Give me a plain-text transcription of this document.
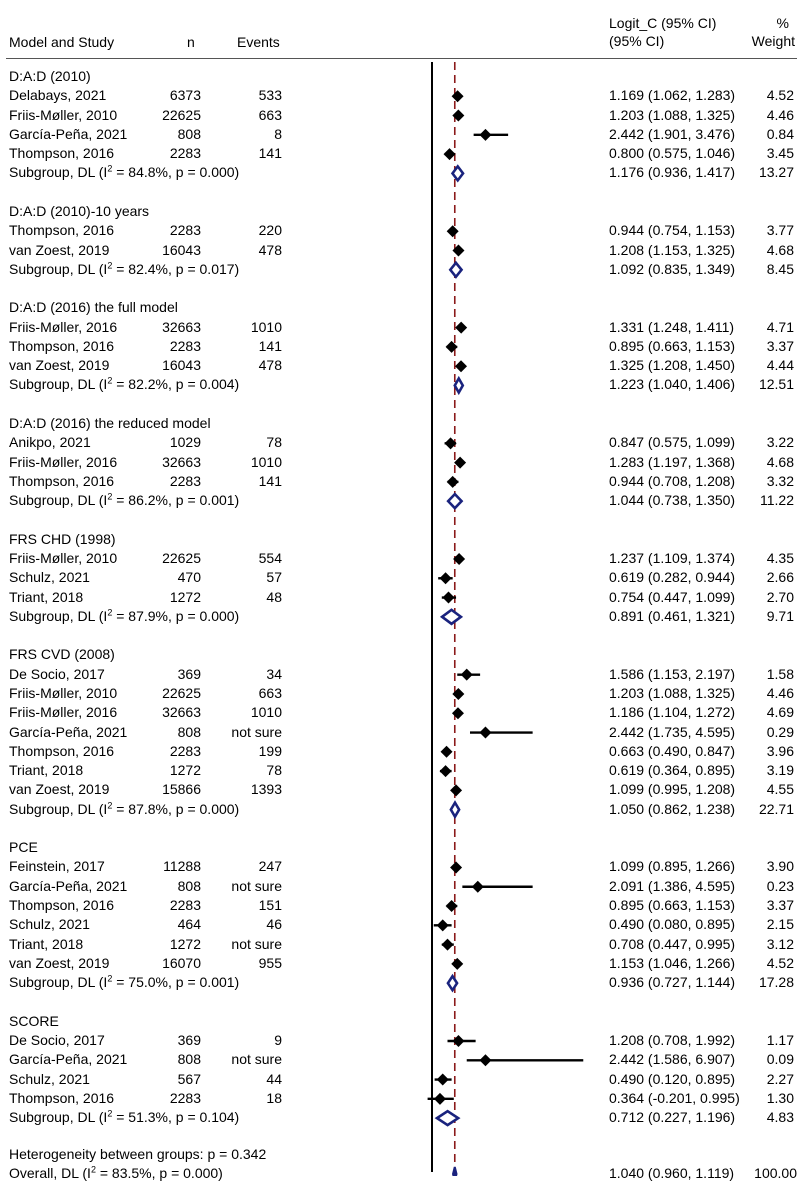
Model and Study	n	Events
Logit_C (95% CI)
(95% CI)
%
Weight
D:A:D (2010)
Delabays, 2021	6373	533	1.169 (1.062, 1.283) 4.52
Friis-Møller, 2010	22625	663	1.203 (1.088, 1.325) 4.46
García-Peña, 2021	808	8	2.442 (1.901, 3.476) 0.84
Thompson, 2016	2283	141	0.800 (0.575, 1.046) 3.45
Subgroup, DL ($I^2 = 84.8\%$, p = 0.000)	1.176 (0.936, 1.417) 13.27
D:A:D (2010)-10 years
Thompson, 2016	2283	220	0.944 (0.754, 1.153) 3.77
van Zoest, 2019	16043	478	1.208 (1.153, 1.325) 4.68
Subgroup, DL ($I^2 = 82.4\%$, p = 0.017)	1.092 (0.835, 1.349) 8.45
D:A:D (2016) the full model
Friis-Møller, 2016	32663	1010	1.331 (1.248, 1.411) 4.71
Thompson, 2016	2283	141	0.895 (0.663, 1.153) 3.37
van Zoest, 2019	16043	478	1.325 (1.208, 1.450) 4.44
Subgroup, DL ($I^2 = 82.2\%$, p = 0.004)	1.223 (1.040, 1.406) 12.51
D:A:D (2016) the reduced model
Anikpo, 2021	1029	78	0.847 (0.575, 1.099) 3.22
Friis-Møller, 2016	32663	1010	1.283 (1.197, 1.368) 4.68
Thompson, 2016	2283	141	0.944 (0.708, 1.208) 3.32
Subgroup, DL ($I^2 = 86.2\%$, p = 0.001)	1.044 (0.738, 1.350) 11.22
FRS CHD (1998)
Friis-Møller, 2010	22625	554	1.237 (1.109, 1.374) 4.35
Schulz, 2021	470	57	0.619 (0.282, 0.944) 2.66
Triant, 2018	1272	48	0.754 (0.447, 1.099) 2.70
Subgroup, DL ($I^2 = 87.9\%$, p = 0.000)	0.891 (0.461, 1.321) 9.71
FRS CVD (2008)
De Socio, 2017	369	34	1.586 (1.153, 2.197) 1.58
Friis-Møller, 2010	22625	663	1.203 (1.088, 1.325) 4.46
Friis-Møller, 2016	32663	1010	1.186 (1.104, 1.272) 4.69
García-Peña, 2021	808 not sure	2.442 (1.735, 4.595) 0.29
Thompson, 2016	2283	199	0.663 (0.490, 0.847) 3.96
Triant, 2018	1272	78	0.619 (0.364, 0.895) 3.19
van Zoest, 2019	15866	1393	1.099 (0.995, 1.208) 4.55
Subgroup, DL ($I^2 = 87.8\%$, p = 0.000)	1.050 (0.862, 1.238) 22.71
PCE
Feinstein, 2017	11288	247	1.099 (0.895, 1.266) 3.90
García-Peña, 2021	808 not sure	2.091 (1.386, 4.595) 0.23
Thompson, 2016	2283	151	0.895 (0.663, 1.153) 3.37
Schulz, 2021	464	46	0.490 (0.080, 0.895) 2.15
Triant, 2018	1272 not sure	0.708 (0.447, 0.995) 3.12
van Zoest, 2019	16070	955	1.153 (1.046, 1.266) 4.52
Subgroup, DL ($I^2 = 75.0\%$, p = 0.001)	0.936 (0.727, 1.144) 17.28
SCORE
De Socio, 2017	369	9	1.208 (0.708, 1.992) 1.17
García-Peña, 2021	808 not sure	2.442 (1.586, 6.907) 0.09
Schulz, 2021	567	44	0.490 (0.120, 0.895) 2.27
Thompson, 2016	2283	18	0.364 (-0.201, 0.995) 1.30
Subgroup, DL ($I^2 = 51.3\%$, p = 0.104)	0.712 (0.227, 1.196) 4.83
Heterogeneity between groups: p = 0.342
Overall, DL ($I^2 = 83.5\%$, p = 0.000)	1.040 (0.960, 1.119) 100.00
